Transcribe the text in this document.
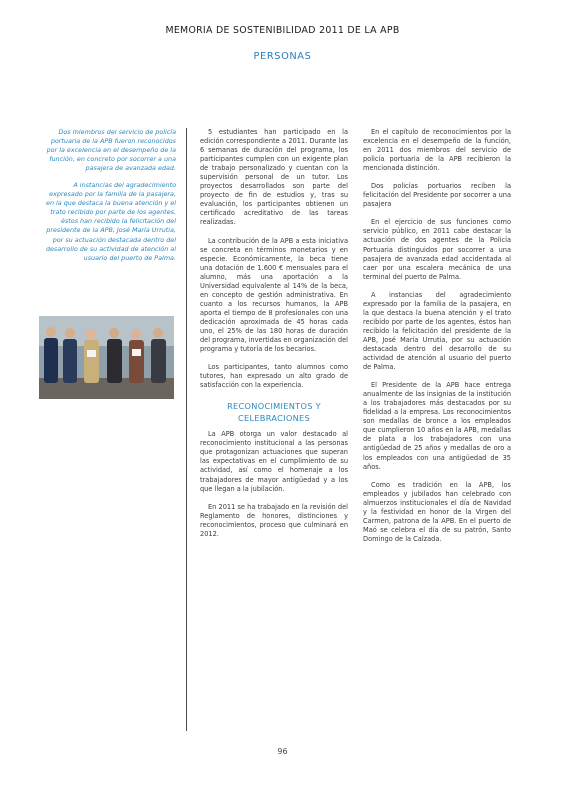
MEMORIA DE SOSTENIBILIDAD 2011 DE LA APB
PERSONAS

Dos miembros del servicio de policía portuaria de la APB fueron reconocidos por la excelencia en el desempeño de la función, en concreto por socorrer a una pasajera de avanzada edad.

A instancias del agradecimiento expresado por la familia de la pasajera, en la que destaca la buena atención y el trato recibido por parte de los agentes, éstos han recibido la felicitación del presidente de la APB, José María Urrutia, por su actuación destacada dentro del desarrollo de su actividad de atención al usuario del puerto de Palma.

5 estudiantes han participado en la edición correspondiente a 2011. Durante las 6 semanas de duración del programa, los participantes cumplen con un exigente plan de trabajo personalizado y cuentan con la supervisión personal de un tutor. Los proyectos desarrollados son parte del proyecto de fin de estudios y, tras su evaluación, los participantes obtienen un certificado acreditativo de las tareas realizadas.

La contribución de la APB a esta iniciativa se concreta en términos monetarios y en especie. Económicamente, la beca tiene una dotación de 1.600 € mensuales para el alumno, más una aportación a la Universidad equivalente al 14% de la beca, en concepto de gestión administrativa. En cuanto a los recursos humanos, la APB aporta el tiempo de 8 profesionales con una dedicación aproximada de 45 horas cada uno, el 25% de las 180 horas de duración del programa, invertidas en organización del programa y tutoría de los becarios.

Los participantes, tanto alumnos como tutores, han expresado un alto grado de satisfacción con la experiencia.

RECONOCIMIENTOS Y CELEBRACIONES

La APB otorga un valor destacado al reconocimiento institucional a las personas que protagonizan actuaciones que superan las expectativas en el cumplimiento de su actividad, así como el homenaje a los trabajadores de mayor antigüedad y a los que llegan a la jubilación.

En 2011 se ha trabajado en la revisión del Reglamento de honores, distinciones y reconocimientos, proceso que culminará en 2012.

En el capítulo de reconocimientos por la excelencia en el desempeño de la función, en 2011 dos miembros del servicio de policía portuaria de la APB recibieron la mencionada distinción.

Dos policías portuarios reciben la felicitación del Presidente por socorrer a una pasajera

En el ejercicio de sus funciones como servicio público, en 2011 cabe destacar la actuación de dos agentes de la Policía Portuaria distinguidos por socorrer a una pasajera de avanzada edad accidentada al caer por una escalera mecánica de una terminal del puerto de Palma.

A instancias del agradecimiento expresado por la familia de la pasajera, en la que destaca la buena atención y el trato recibido por parte de los agentes, éstos han recibido la felicitación del presidente de la APB, José María Urrutia, por su actuación destacada dentro del desarrollo de su actividad de atención al usuario del puerto de Palma.

El Presidente de la APB hace entrega anualmente de las insignias de la institución a los trabajadores más destacados por su fidelidad a la empresa. Los reconocimientos son medallas de bronce a los empleados que cumplieron 10 años en la APB, medallas de plata a los trabajadores con una antigüedad de 25 años y medallas de oro a los empleados con una antigüedad de 35 años.

Como es tradición en la APB, los empleados y jubilados han celebrado con almuerzos institucionales el día de Navidad y la festividad en honor de la Virgen del Carmen, patrona de la APB. En el puerto de Maó se celebra el día de su patrón, Santo Domingo de la Calzada.

96
